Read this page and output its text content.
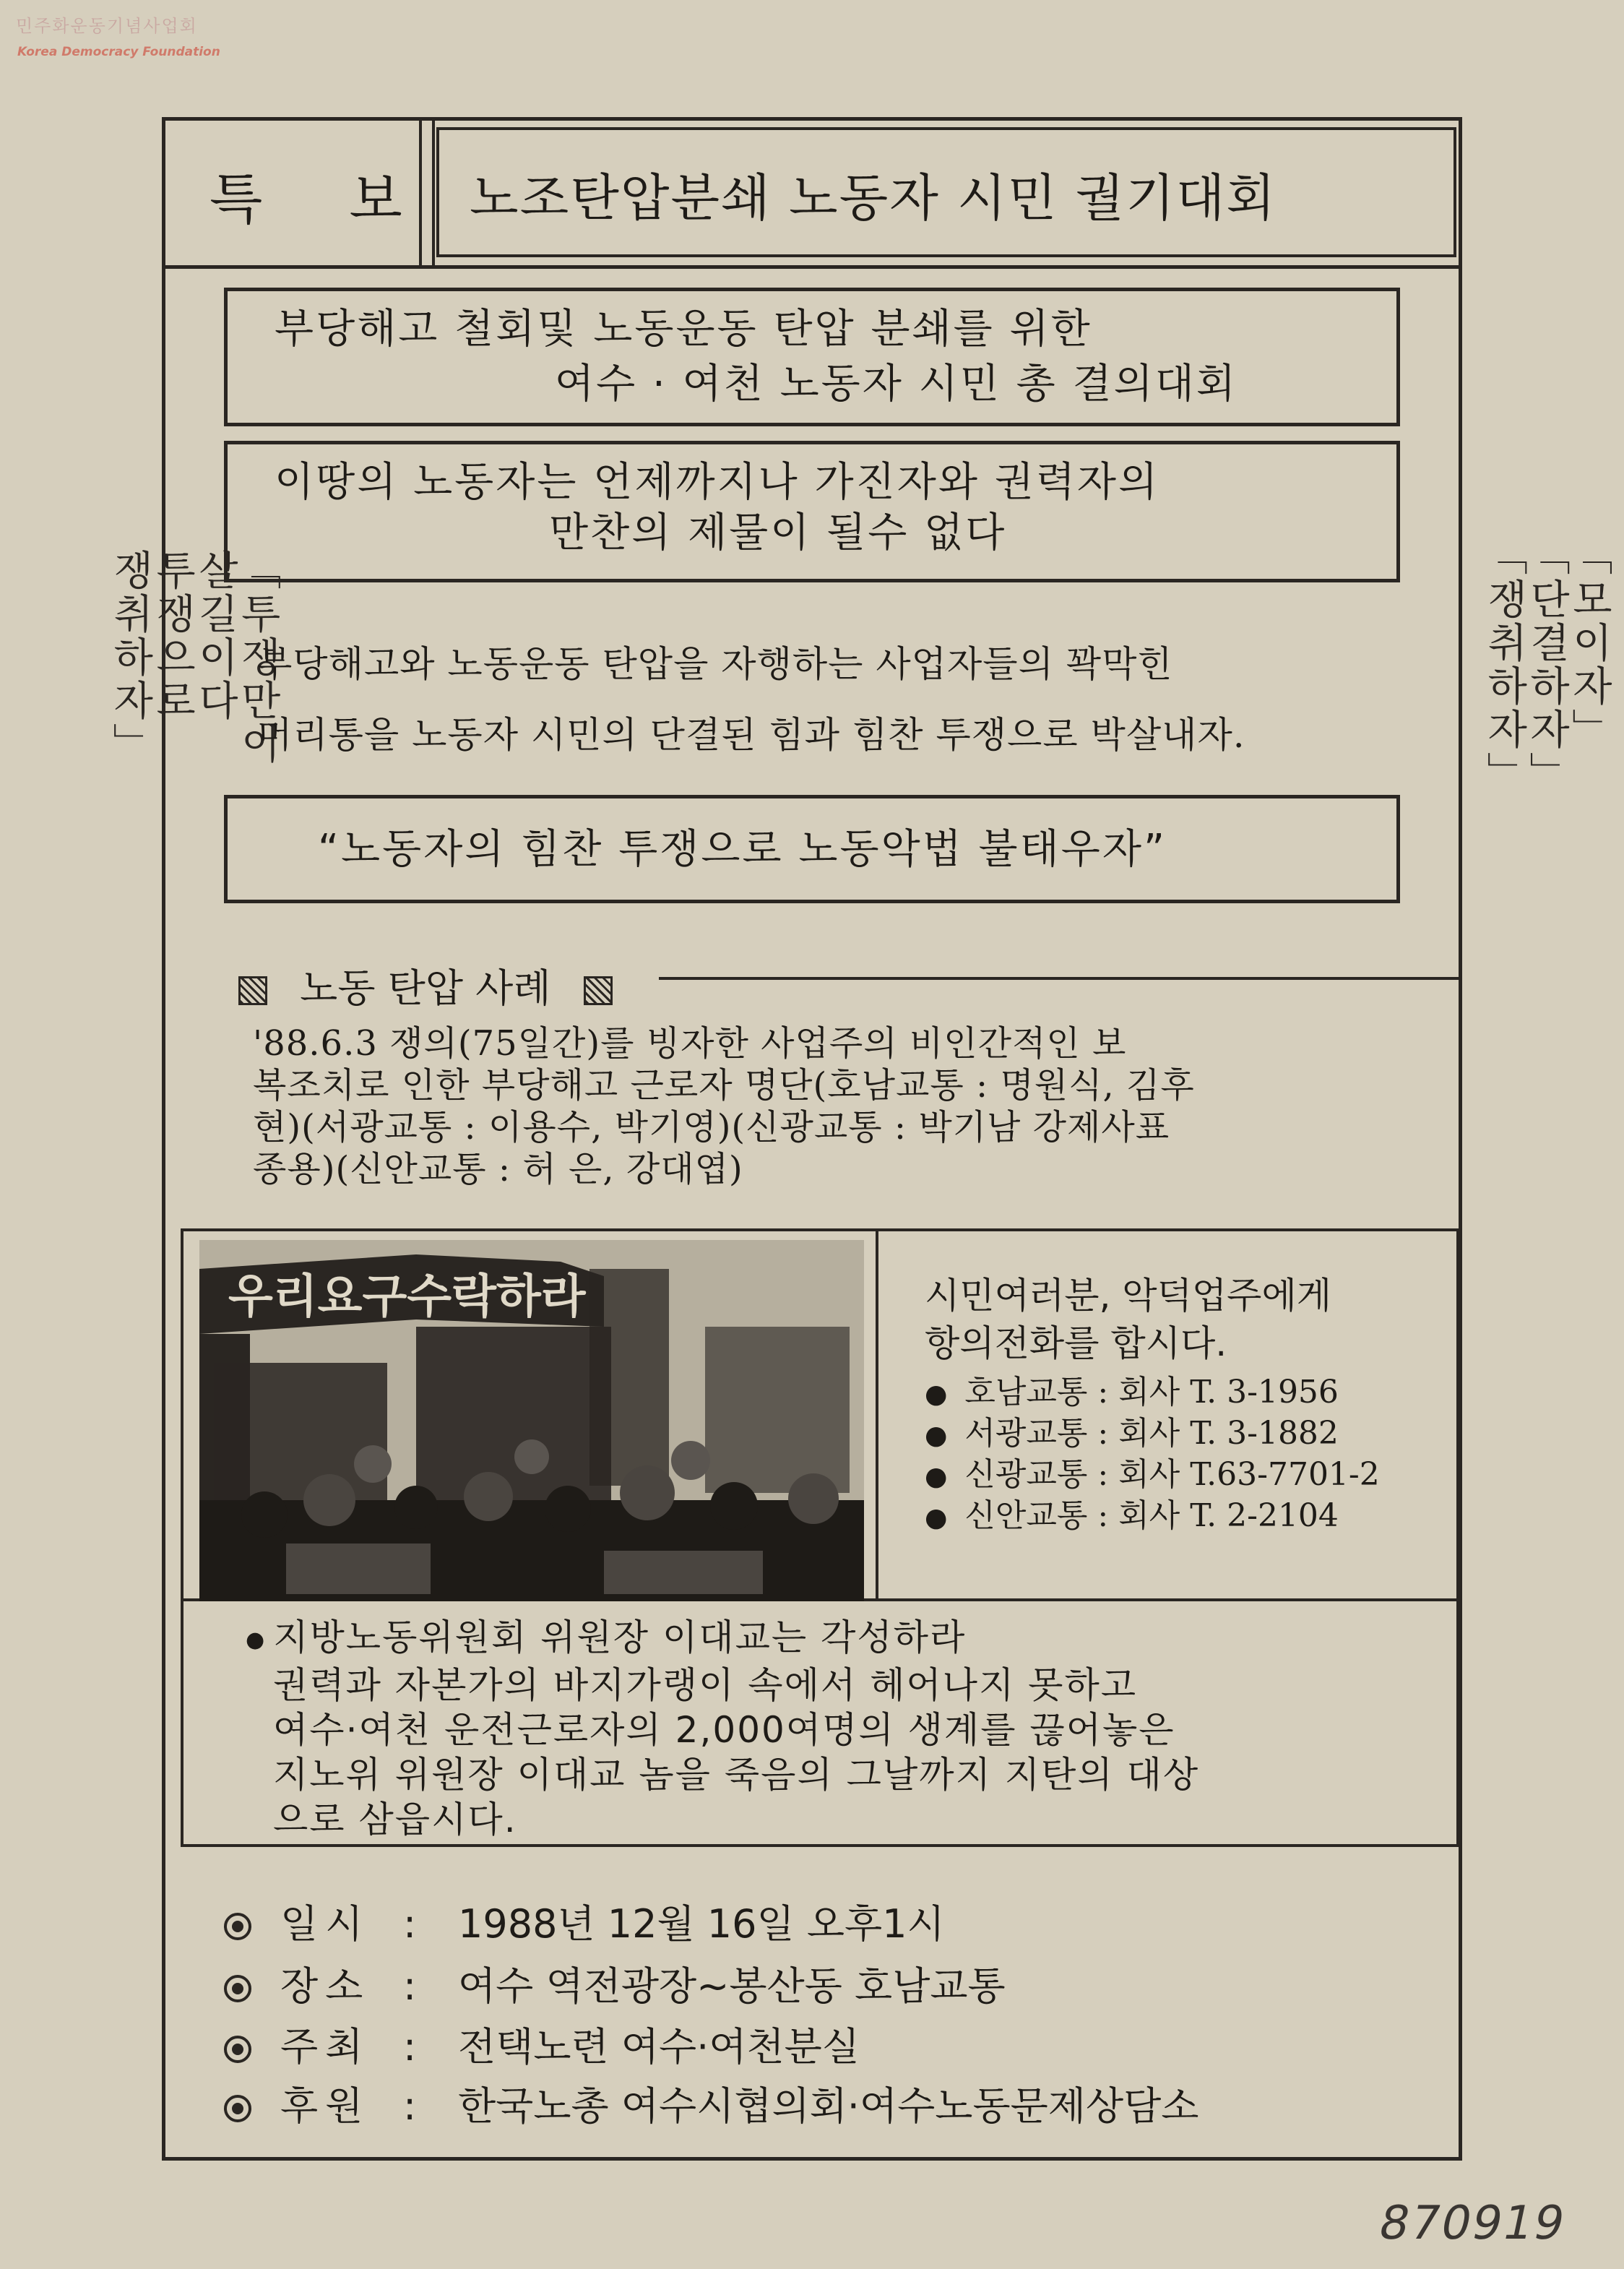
민주화운동기념사업회
Korea Democracy Foundation
「투쟁만이
살길이다
투쟁으로
쟁취하자」	「모이자」
「단결하자」
「쟁취하자」
특보
노조탄압분쇄 노동자 시민 궐기대회
부당해고 철회및 노동운동 탄압 분쇄를 위한
여수 · 여천 노동자 시민 총 결의대회
이땅의 노동자는 언제까지나 가진자와 권력자의
만찬의 제물이 될수 없다
부당해고와 노동운동 탄압을 자행하는 사업자들의 꽉막힌
머리통을 노동자 시민의 단결된 힘과 힘찬 투쟁으로 박살내자.
“노동자의 힘찬 투쟁으로 노동악법 불태우자”
노동 탄압 사례
'88.6.3 쟁의(75일간)를 빙자한 사업주의 비인간적인 보
복조치로 인한 부당해고 근로자 명단(호남교통 : 명원식, 김후
현)(서광교통 : 이용수, 박기영)(신광교통 : 박기남 강제사표
종용)(신안교통 : 허 은, 강대엽)
우리요구수락하라	시민여러분, 악덕업주에게
항의전화를 합시다.
● 호남교통 : 회사 T. 3-1956
● 서광교통 : 회사 T. 3-1882
● 신광교통 : 회사 T.63-7701-2
● 신안교통 : 회사 T. 2-2104
● 지방노동위원회 위원장 이대교는 각성하라
권력과 자본가의 바지가랭이 속에서 헤어나지 못하고
여수·여천 운전근로자의 2,000여명의 생계를 끊어놓은
지노위 위원장 이대교 놈을 죽음의 그날까지 지탄의 대상
으로 삼읍시다.
일시 : 1988년 12월 16일 오후1시
장소 : 여수 역전광장~봉산동 호남교통
주최 : 전택노련 여수·여천분실
후원 : 한국노총 여수시협의회·여수노동문제상담소
870919
